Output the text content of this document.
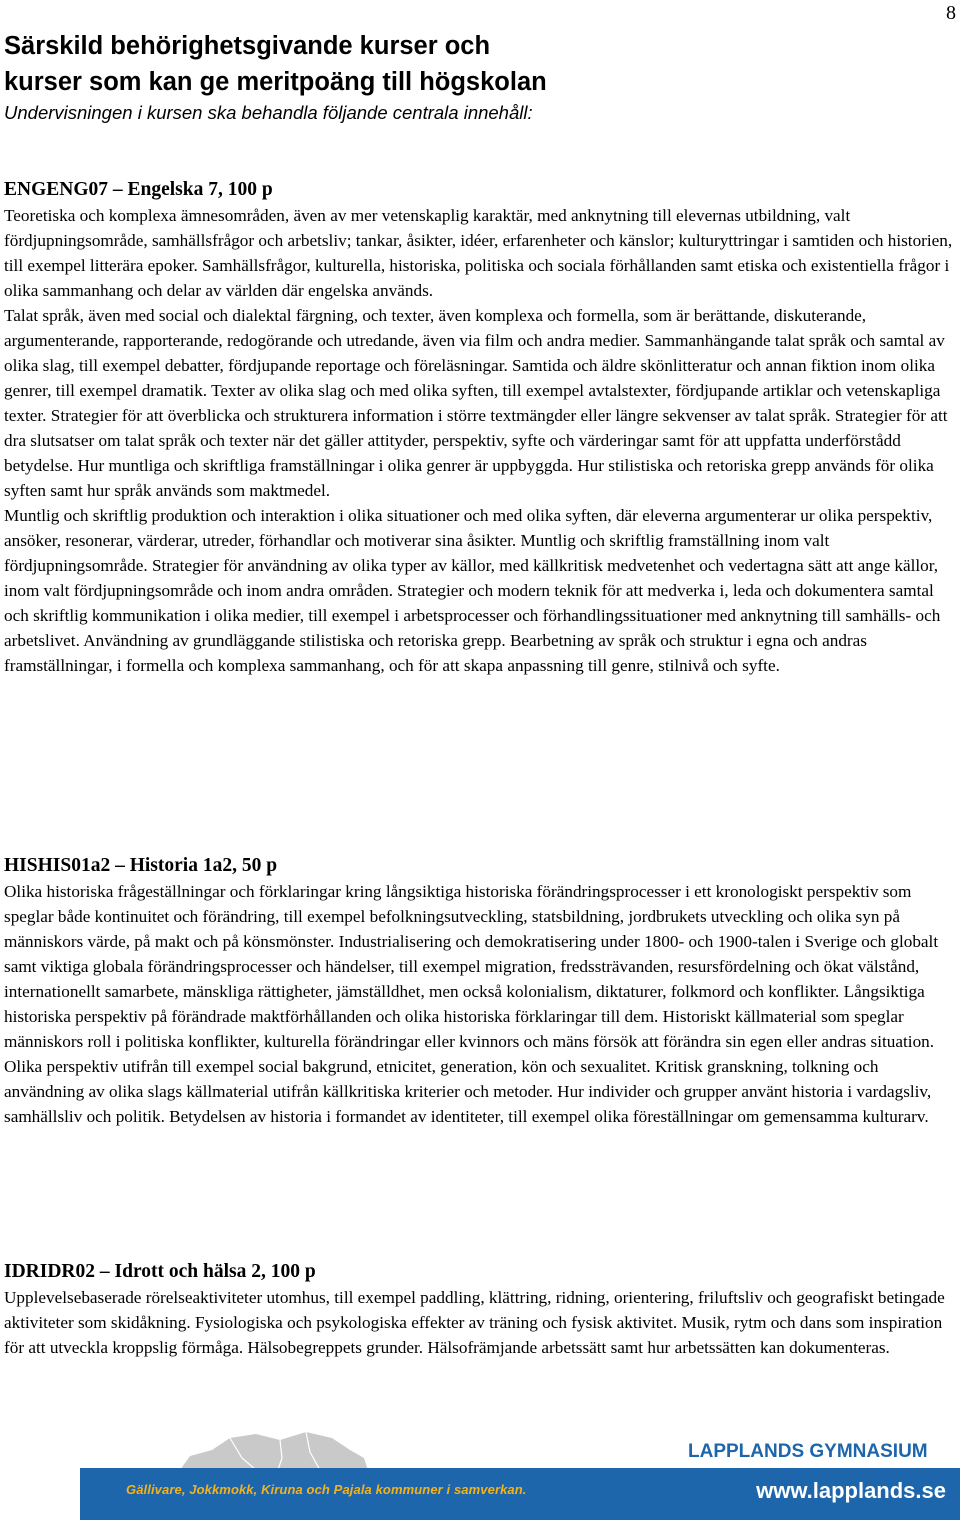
8
Särskild behörighetsgivande kurser och
kurser som kan ge meritpoäng till högskolan
Undervisningen i kursen ska behandla följande centrala innehåll:
ENGENG07 – Engelska 7, 100 p

Teoretiska och komplexa ämnesområden, även av mer vetenskaplig karaktär, med anknytning till elevernas utbildning, valt fördjupningsområde, samhällsfrågor och arbetsliv; tankar, åsikter, idéer, erfarenheter och känslor; kulturyttringar i samtiden och historien, till exempel litterära epoker. Samhällsfrågor, kulturella, historiska, politiska och sociala förhållanden samt etiska och existentiella frågor i olika sammanhang och delar av världen där engelska används.

Talat språk, även med social och dialektal färgning, och texter, även komplexa och formella, som är berättande, diskuterande, argumenterande, rapporterande, redogörande och utredande, även via film och andra medier. Sammanhängande talat språk och samtal av olika slag, till exempel debatter, fördjupande reportage och föreläsningar. Samtida och äldre skönlitteratur och annan fiktion inom olika genrer, till exempel dramatik. Texter av olika slag och med olika syften, till exempel avtalstexter, fördjupande artiklar och vetenskapliga texter. Strategier för att överblicka och strukturera information i större textmängder eller längre sekvenser av talat språk. Strategier för att dra slutsatser om talat språk och texter när det gäller attityder, perspektiv, syfte och värderingar samt för att uppfatta underförstådd betydelse. Hur muntliga och skriftliga framställningar i olika genrer är uppbyggda. Hur stilistiska och retoriska grepp används för olika syften samt hur språk används som maktmedel.

Muntlig och skriftlig produktion och interaktion i olika situationer och med olika syften, där eleverna argumenterar ur olika perspektiv, ansöker, resonerar, värderar, utreder, förhandlar och motiverar sina åsikter. Muntlig och skriftlig framställning inom valt fördjupningsområde. Strategier för användning av olika typer av källor, med källkritisk medvetenhet och vedertagna sätt att ange källor, inom valt fördjupningsområde och inom andra områden. Strategier och modern teknik för att medverka i, leda och dokumentera samtal och skriftlig kommunikation i olika medier, till exempel i arbetsprocesser och förhandlingssituationer med anknytning till samhälls- och arbetslivet. Användning av grundläggande stilistiska och retoriska grepp. Bearbetning av språk och struktur i egna och andras framställningar, i formella och komplexa sammanhang, och för att skapa anpassning till genre, stilnivå och syfte.

HISHIS01a2 – Historia 1a2, 50 p

Olika historiska frågeställningar och förklaringar kring långsiktiga historiska förändringsprocesser i ett kronologiskt perspektiv som speglar både kontinuitet och förändring, till exempel befolkningsutveckling, statsbildning, jordbrukets utveckling och olika syn på människors värde, på makt och på könsmönster. Industrialisering och demokratisering under 1800- och 1900-talen i Sverige och globalt samt viktiga globala förändringsprocesser och händelser, till exempel migration, fredssträvanden, resursfördelning och ökat välstånd, internationellt samarbete, mänskliga rättigheter, jämställdhet, men också kolonialism, diktaturer, folkmord och konflikter. Långsiktiga historiska perspektiv på förändrade maktförhållanden och olika historiska förklaringar till dem. Historiskt källmaterial som speglar människors roll i politiska konflikter, kulturella förändringar eller kvinnors och mäns försök att förändra sin egen eller andras situation. Olika perspektiv utifrån till exempel social bakgrund, etnicitet, generation, kön och sexualitet. Kritisk granskning, tolkning och användning av olika slags källmaterial utifrån källkritiska kriterier och metoder. Hur individer och grupper använt historia i vardagsliv, samhällsliv och politik. Betydelsen av historia i formandet av identiteter, till exempel olika föreställningar om gemensamma kulturarv.

IDRIDR02 – Idrott och hälsa 2, 100 p

Upplevelsebaserade rörelseaktiviteter utomhus, till exempel paddling, klättring, ridning, orientering, friluftsliv och geografiskt betingade aktiviteter som skidåkning. Fysiologiska och psykologiska effekter av träning och fysisk aktivitet. Musik, rytm och dans som inspiration för att utveckla kroppslig förmåga. Hälsobegreppets grunder. Hälsofrämjande arbetssätt samt hur arbetssätten kan dokumenteras.

LAPPLANDS GYMNASIUM
Gällivare, Jokkmokk, Kiruna och Pajala kommuner i samverkan.	www.lapplands.se
